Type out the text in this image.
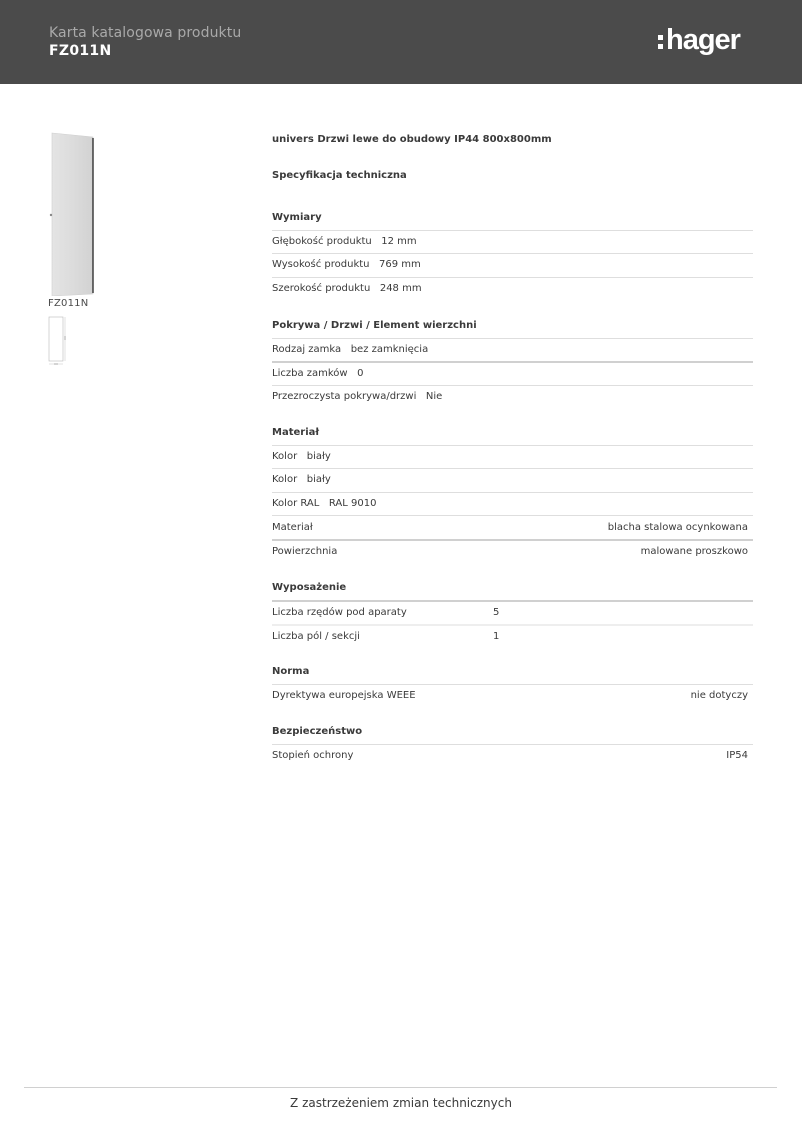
Karta katalogowa produktu
FZ011N	hager
FZ011N
univers Drzwi lewe do obudowy IP44 800x800mm
Specyfikacja techniczna
Wymiary
Głębokość produktu   12 mm
Wysokość produktu   769 mm
Szerokość produktu   248 mm
Pokrywa / Drzwi / Element wierzchni
Rodzaj zamka   bez zamknięcia
Liczba zamków   0
Przezroczysta pokrywa/drzwi   Nie
Materiał
Kolor   biały
Kolor   biały
Kolor RAL   RAL 9010
Materiał	blacha stalowa ocynkowana
Powierzchnia	malowane proszkowo
Wyposażenie
Liczba rzędów pod aparaty	5
Liczba pól / sekcji	1
Norma
Dyrektywa europejska WEEE	nie dotyczy
Bezpieczeństwo
Stopień ochrony	IP54
Z zastrzeżeniem zmian technicznych
